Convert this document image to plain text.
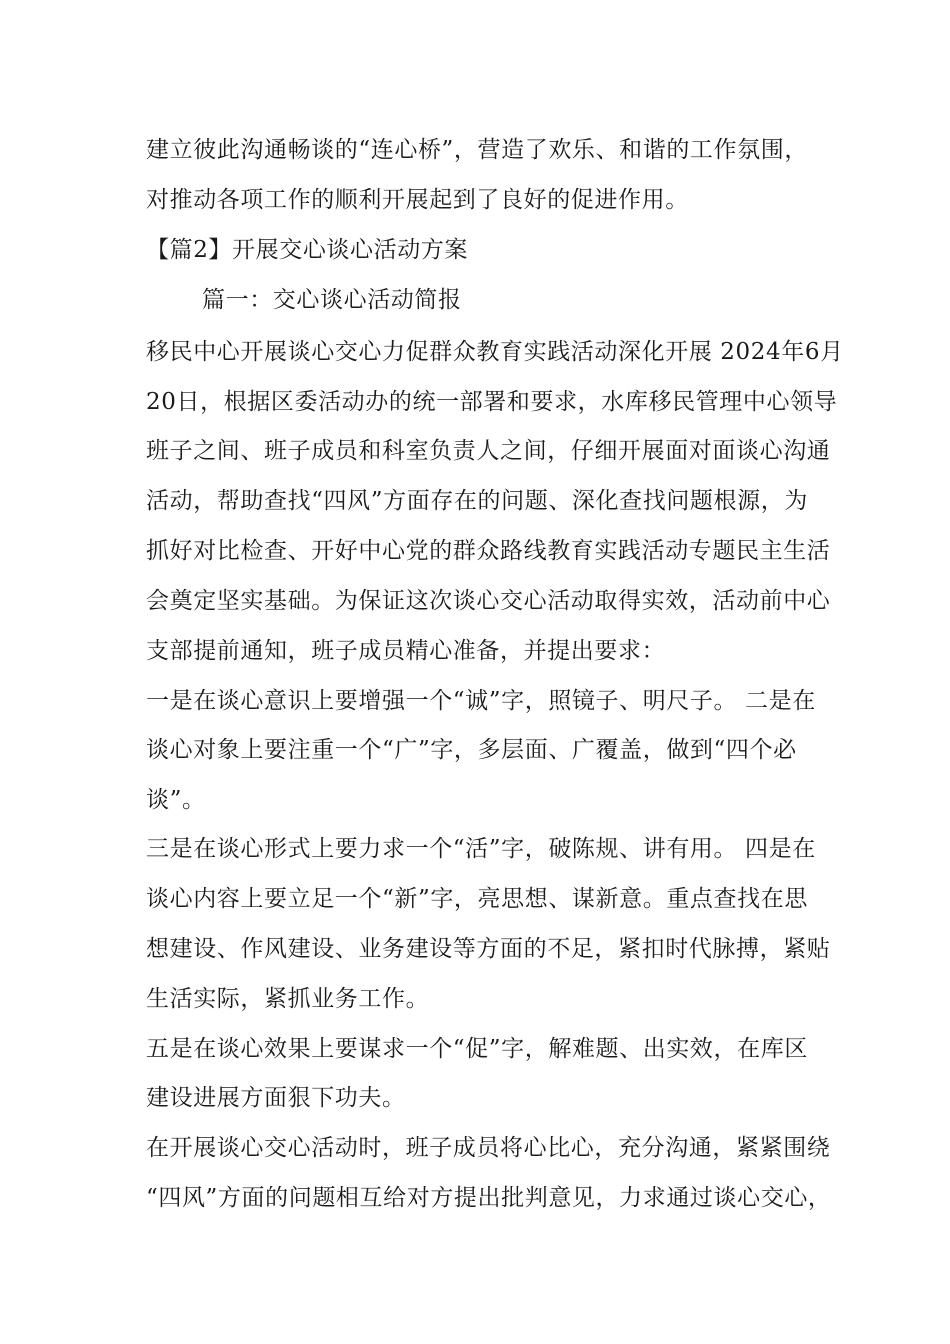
建立彼此沟通畅谈的“连心桥”，营造了欢乐、和谐的工作氛围，
对推动各项工作的顺利开展起到了良好的促进作用。
【篇2】开展交心谈心活动方案
篇一：交心谈心活动简报
移民中心开展谈心交心力促群众教育实践活动深化开展 2024年6月
20日，根据区委活动办的统一部署和要求，水库移民管理中心领导
班子之间、班子成员和科室负责人之间，仔细开展面对面谈心沟通
活动，帮助查找“四风”方面存在的问题、深化查找问题根源，为
抓好对比检查、开好中心党的群众路线教育实践活动专题民主生活
会奠定坚实基础。为保证这次谈心交心活动取得实效，活动前中心
支部提前通知，班子成员精心准备，并提出要求：
一是在谈心意识上要增强一个“诚”字，照镜子、明尺子。 二是在
谈心对象上要注重一个“广”字，多层面、广覆盖，做到“四个必
谈”。
三是在谈心形式上要力求一个“活”字，破陈规、讲有用。 四是在
谈心内容上要立足一个“新”字，亮思想、谋新意。重点查找在思
想建设、作风建设、业务建设等方面的不足，紧扣时代脉搏，紧贴
生活实际，紧抓业务工作。
五是在谈心效果上要谋求一个“促”字，解难题、出实效，在库区
建设进展方面狠下功夫。
在开展谈心交心活动时，班子成员将心比心，充分沟通，紧紧围绕
“四风”方面的问题相互给对方提出批判意见，力求通过谈心交心，
